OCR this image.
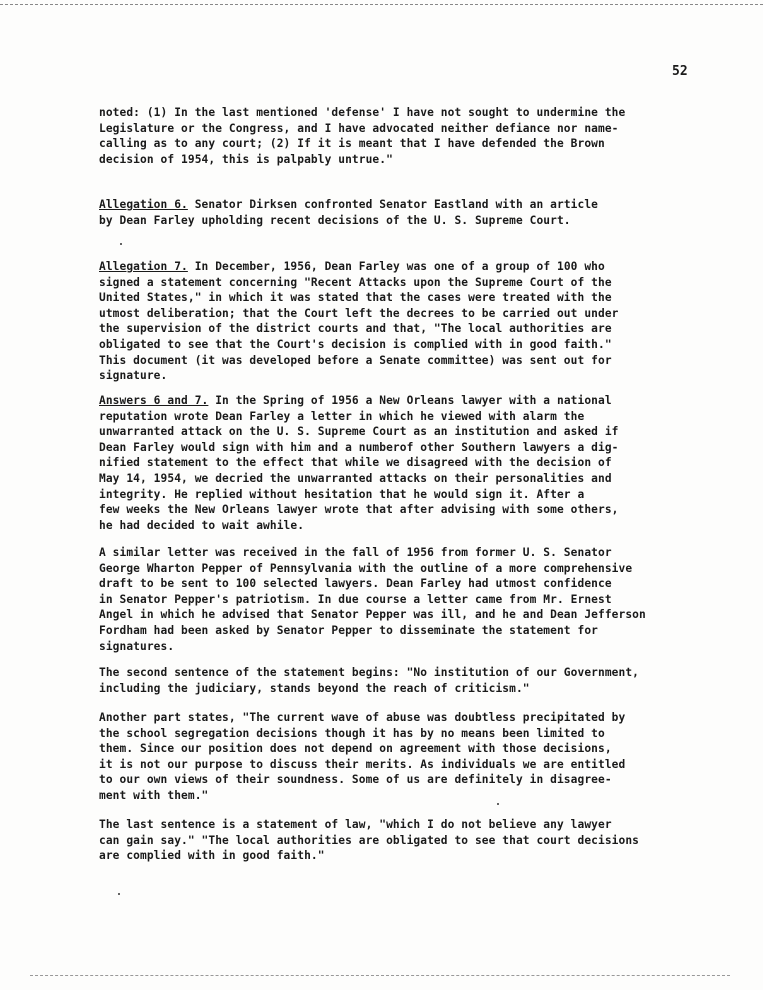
52
noted: (1) In the last mentioned 'defense' I have not sought to undermine the
Legislature or the Congress, and I have advocated neither defiance nor name-
calling as to any court; (2) If it is meant that I have defended the Brown
decision of 1954, this is palpably untrue."
Allegation 6. Senator Dirksen confronted Senator Eastland with an article
by Dean Farley upholding recent decisions of the U. S. Supreme Court.
Allegation 7. In December, 1956, Dean Farley was one of a group of 100 who
signed a statement concerning "Recent Attacks upon the Supreme Court of the
United States," in which it was stated that the cases were treated with the
utmost deliberation; that the Court left the decrees to be carried out under
the supervision of the district courts and that, "The local authorities are
obligated to see that the Court's decision is complied with in good faith."
This document (it was developed before a Senate committee) was sent out for
signature.
Answers 6 and 7. In the Spring of 1956 a New Orleans lawyer with a national
reputation wrote Dean Farley a letter in which he viewed with alarm the
unwarranted attack on the U. S. Supreme Court as an institution and asked if
Dean Farley would sign with him and a numberof other Southern lawyers a dig-
nified statement to the effect that while we disagreed with the decision of
May 14, 1954, we decried the unwarranted attacks on their personalities and
integrity. He replied without hesitation that he would sign it. After a
few weeks the New Orleans lawyer wrote that after advising with some others,
he had decided to wait awhile.
A similar letter was received in the fall of 1956 from former U. S. Senator
George Wharton Pepper of Pennsylvania with the outline of a more comprehensive
draft to be sent to 100 selected lawyers. Dean Farley had utmost confidence
in Senator Pepper's patriotism. In due course a letter came from Mr. Ernest
Angel in which he advised that Senator Pepper was ill, and he and Dean Jefferson
Fordham had been asked by Senator Pepper to disseminate the statement for
signatures.
The second sentence of the statement begins: "No institution of our Government,
including the judiciary, stands beyond the reach of criticism."
Another part states, "The current wave of abuse was doubtless precipitated by
the school segregation decisions though it has by no means been limited to
them. Since our position does not depend on agreement with those decisions,
it is not our purpose to discuss their merits. As individuals we are entitled
to our own views of their soundness. Some of us are definitely in disagree-
ment with them."
The last sentence is a statement of law, "which I do not believe any lawyer
can gain say." "The local authorities are obligated to see that court decisions
are complied with in good faith."
